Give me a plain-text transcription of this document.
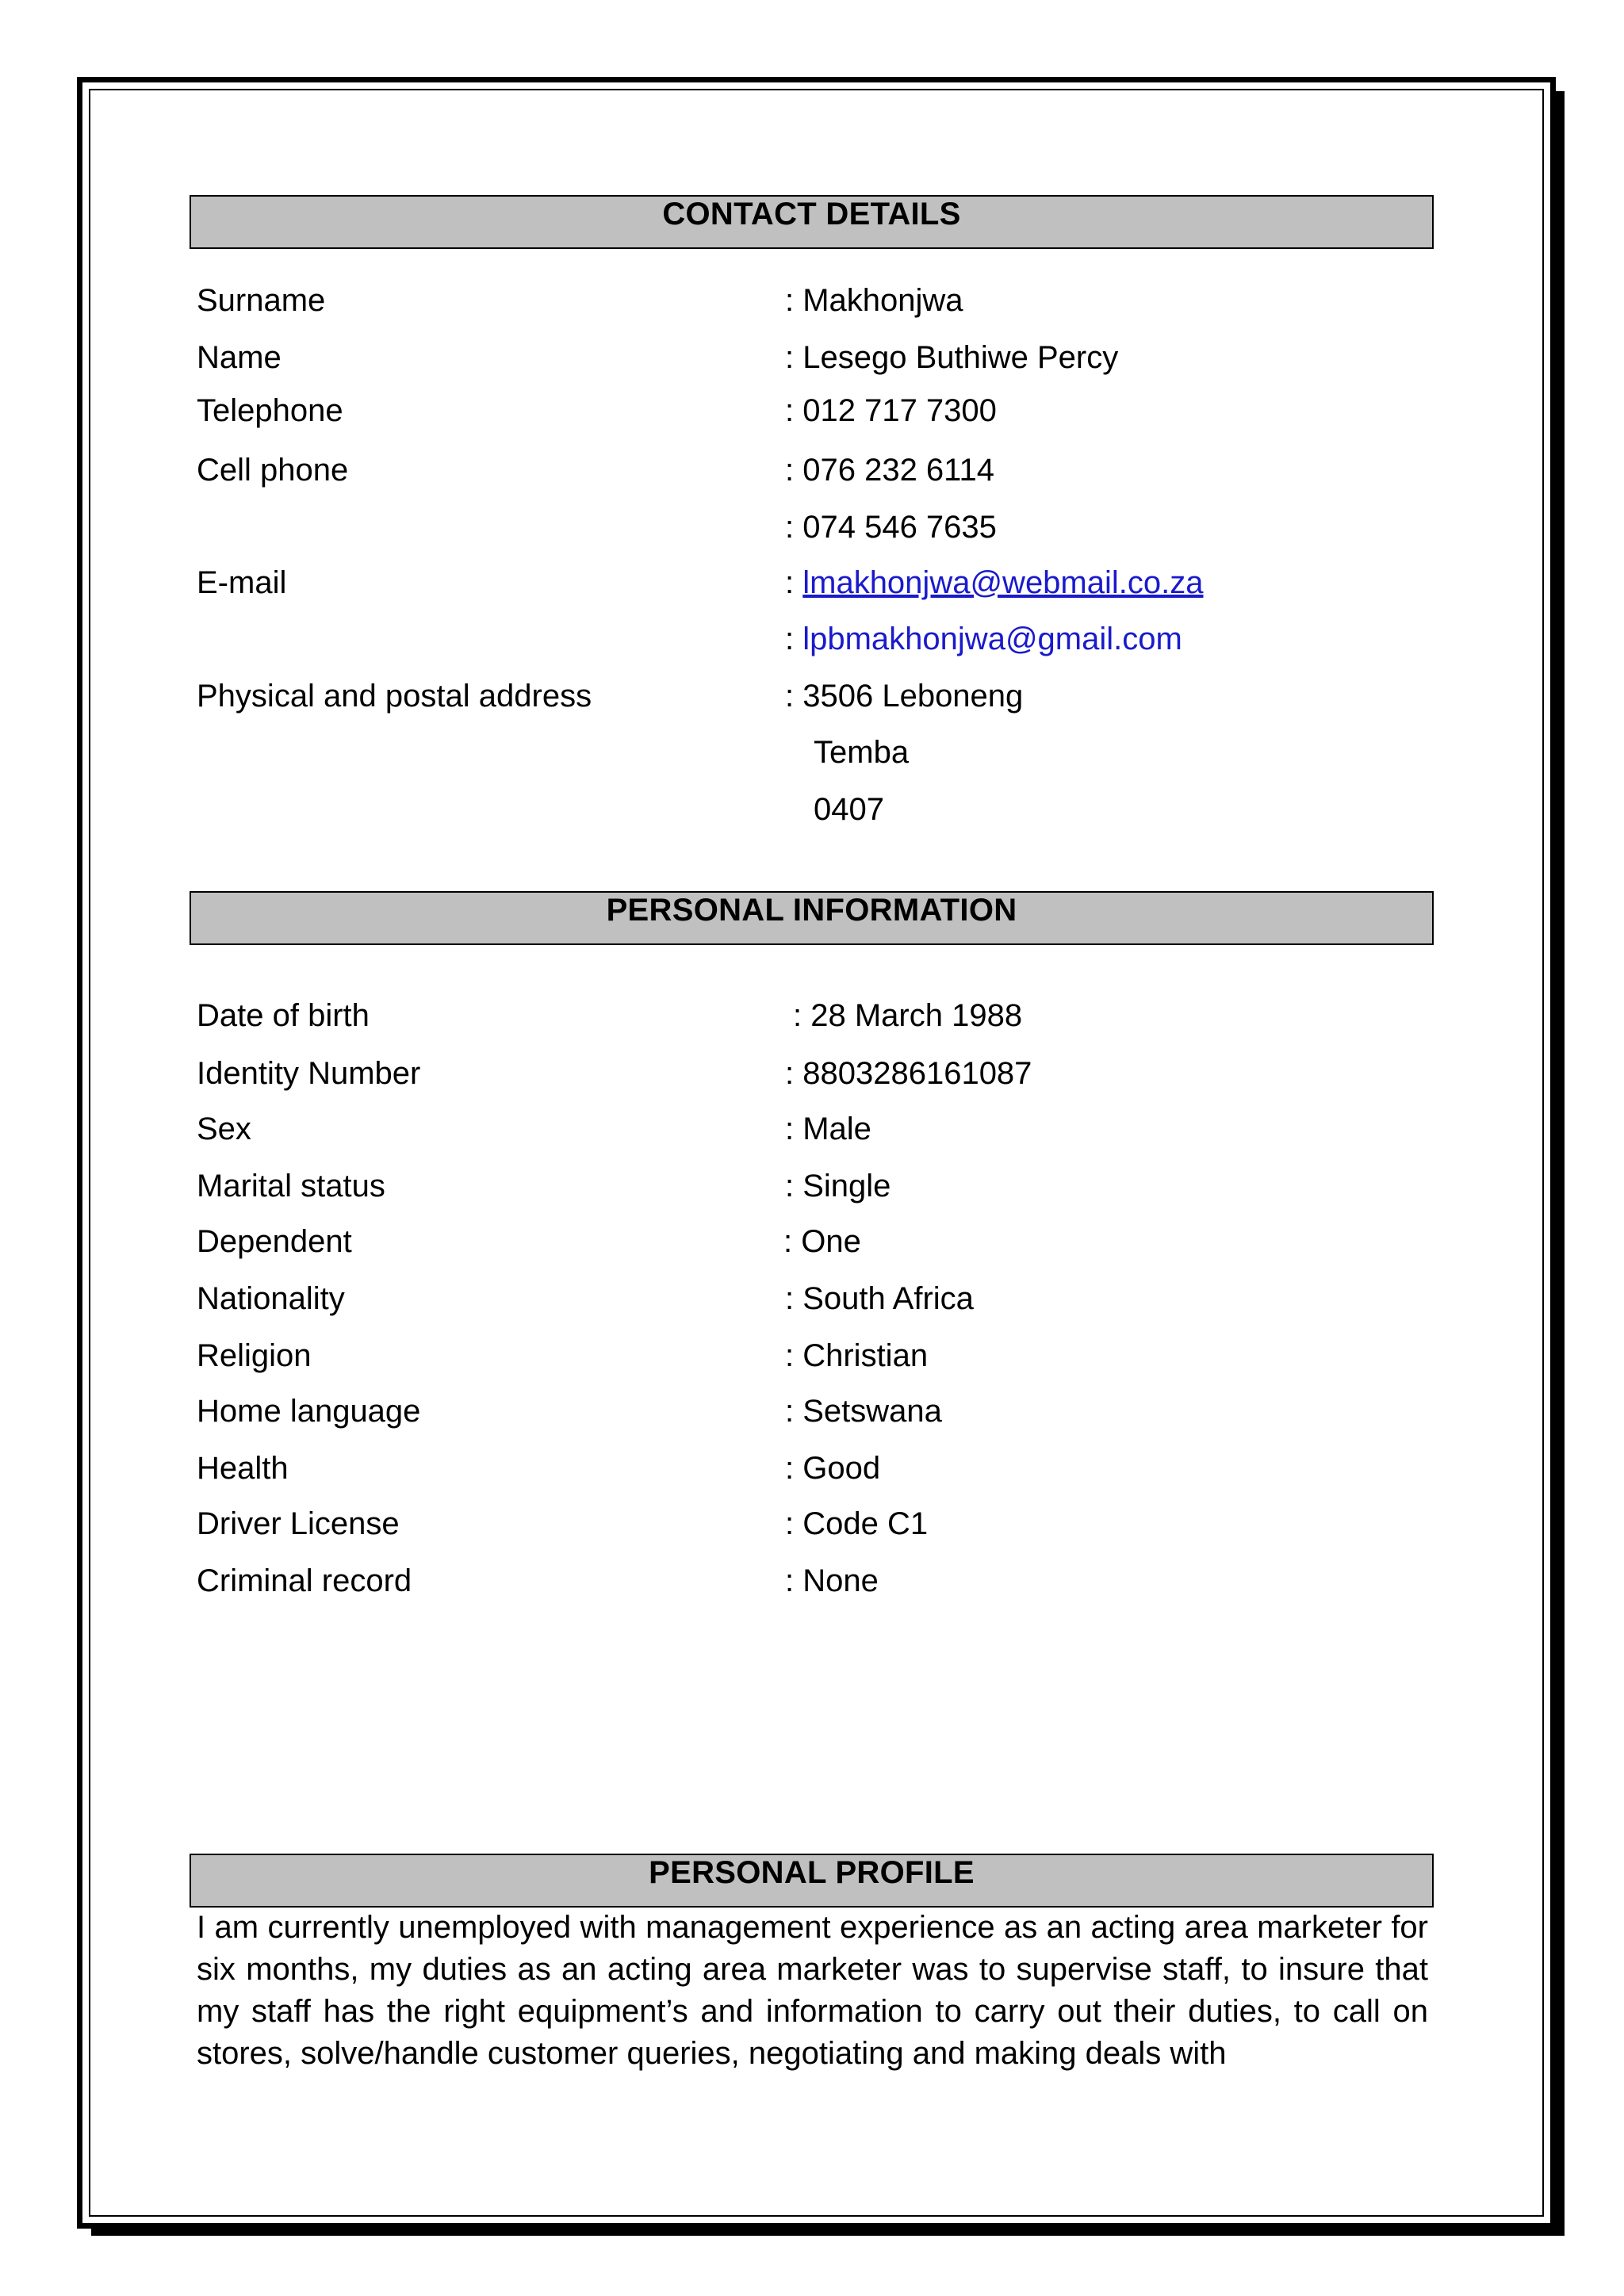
CONTACT DETAILS
Surname	: Makhonjwa
Name	: Lesego Buthiwe Percy
Telephone	: 012 717 7300
Cell phone	: 076 232 6114
: 074 546 7635
E-mail	: lmakhonjwa@webmail.co.za
: lpbmakhonjwa@gmail.com
Physical and postal address	: 3506 Leboneng
Temba
0407
PERSONAL INFORMATION
Date of birth	: 28 March 1988
Identity Number	: 8803286161087
Sex	: Male
Marital status	: Single
Dependent	: One
Nationality	: South Africa
Religion	: Christian
Home language	: Setswana
Health	: Good
Driver License	: Code C1
Criminal record	: None
PERSONAL PROFILE
I am currently unemployed with management experience as an acting area marketer for six months, my duties as an acting area marketer was to supervise staff, to insure that my staff has the right equipment’s and information to carry out their duties, to call on stores, solve/handle customer queries, negotiating and making deals with
